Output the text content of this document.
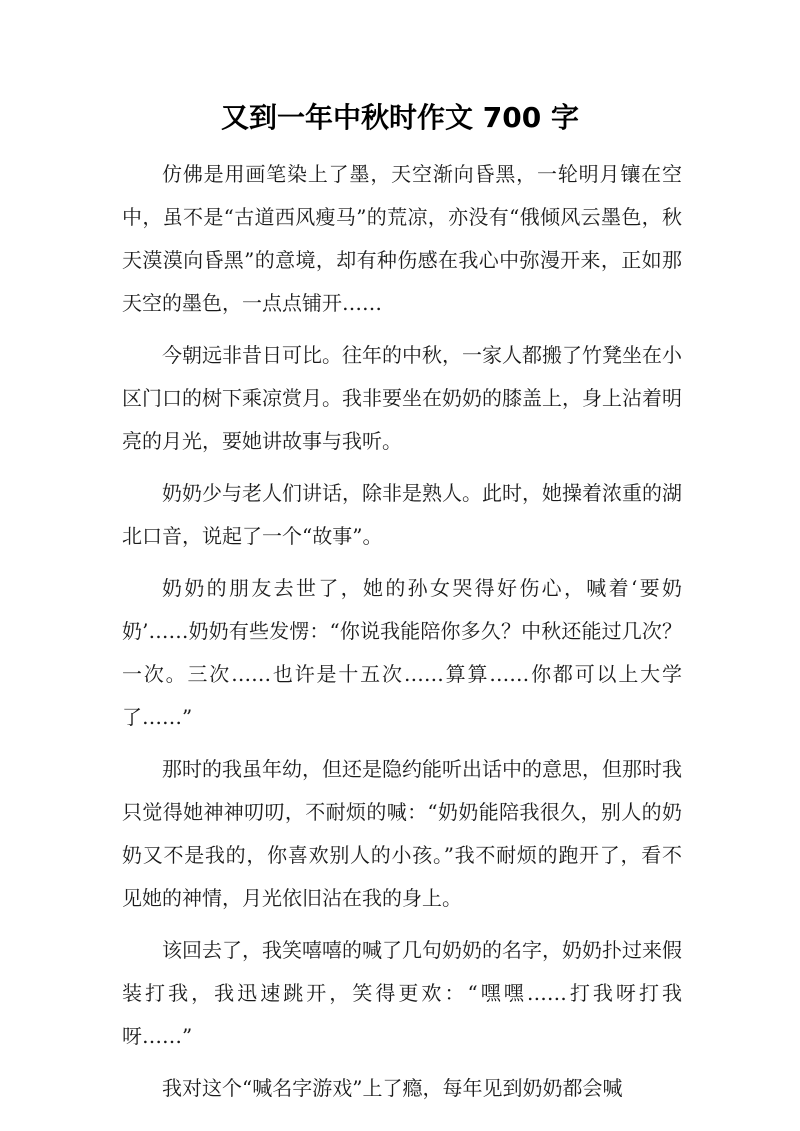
又到一年中秋时作文 700 字

仿佛是用画笔染上了墨，天空渐向昏黑，一轮明月镶在空中，虽不是“古道西风瘦马”的荒凉，亦没有“俄倾风云墨色，秋天漠漠向昏黑”的意境，却有种伤感在我心中弥漫开来，正如那天空的墨色，一点点铺开……

今朝远非昔日可比。往年的中秋，一家人都搬了竹凳坐在小区门口的树下乘凉赏月。我非要坐在奶奶的膝盖上，身上沾着明亮的月光，要她讲故事与我听。

奶奶少与老人们讲话，除非是熟人。此时，她操着浓重的湖北口音，说起了一个“故事”。

奶奶的朋友去世了，她的孙女哭得好伤心，喊着‘要奶奶’……奶奶有些发愣：“你说我能陪你多久？中秋还能过几次？一次。三次……也许是十五次……算算……你都可以上大学了……”

那时的我虽年幼，但还是隐约能听出话中的意思，但那时我只觉得她神神叨叨，不耐烦的喊：“奶奶能陪我很久，别人的奶奶又不是我的，你喜欢别人的小孩。”我不耐烦的跑开了，看不见她的神情，月光依旧沾在我的身上。

该回去了，我笑嘻嘻的喊了几句奶奶的名字，奶奶扑过来假装打我，我迅速跳开，笑得更欢：“嘿嘿……打我呀打我呀……”

我对这个“喊名字游戏”上了瘾，每年见到奶奶都会喊
